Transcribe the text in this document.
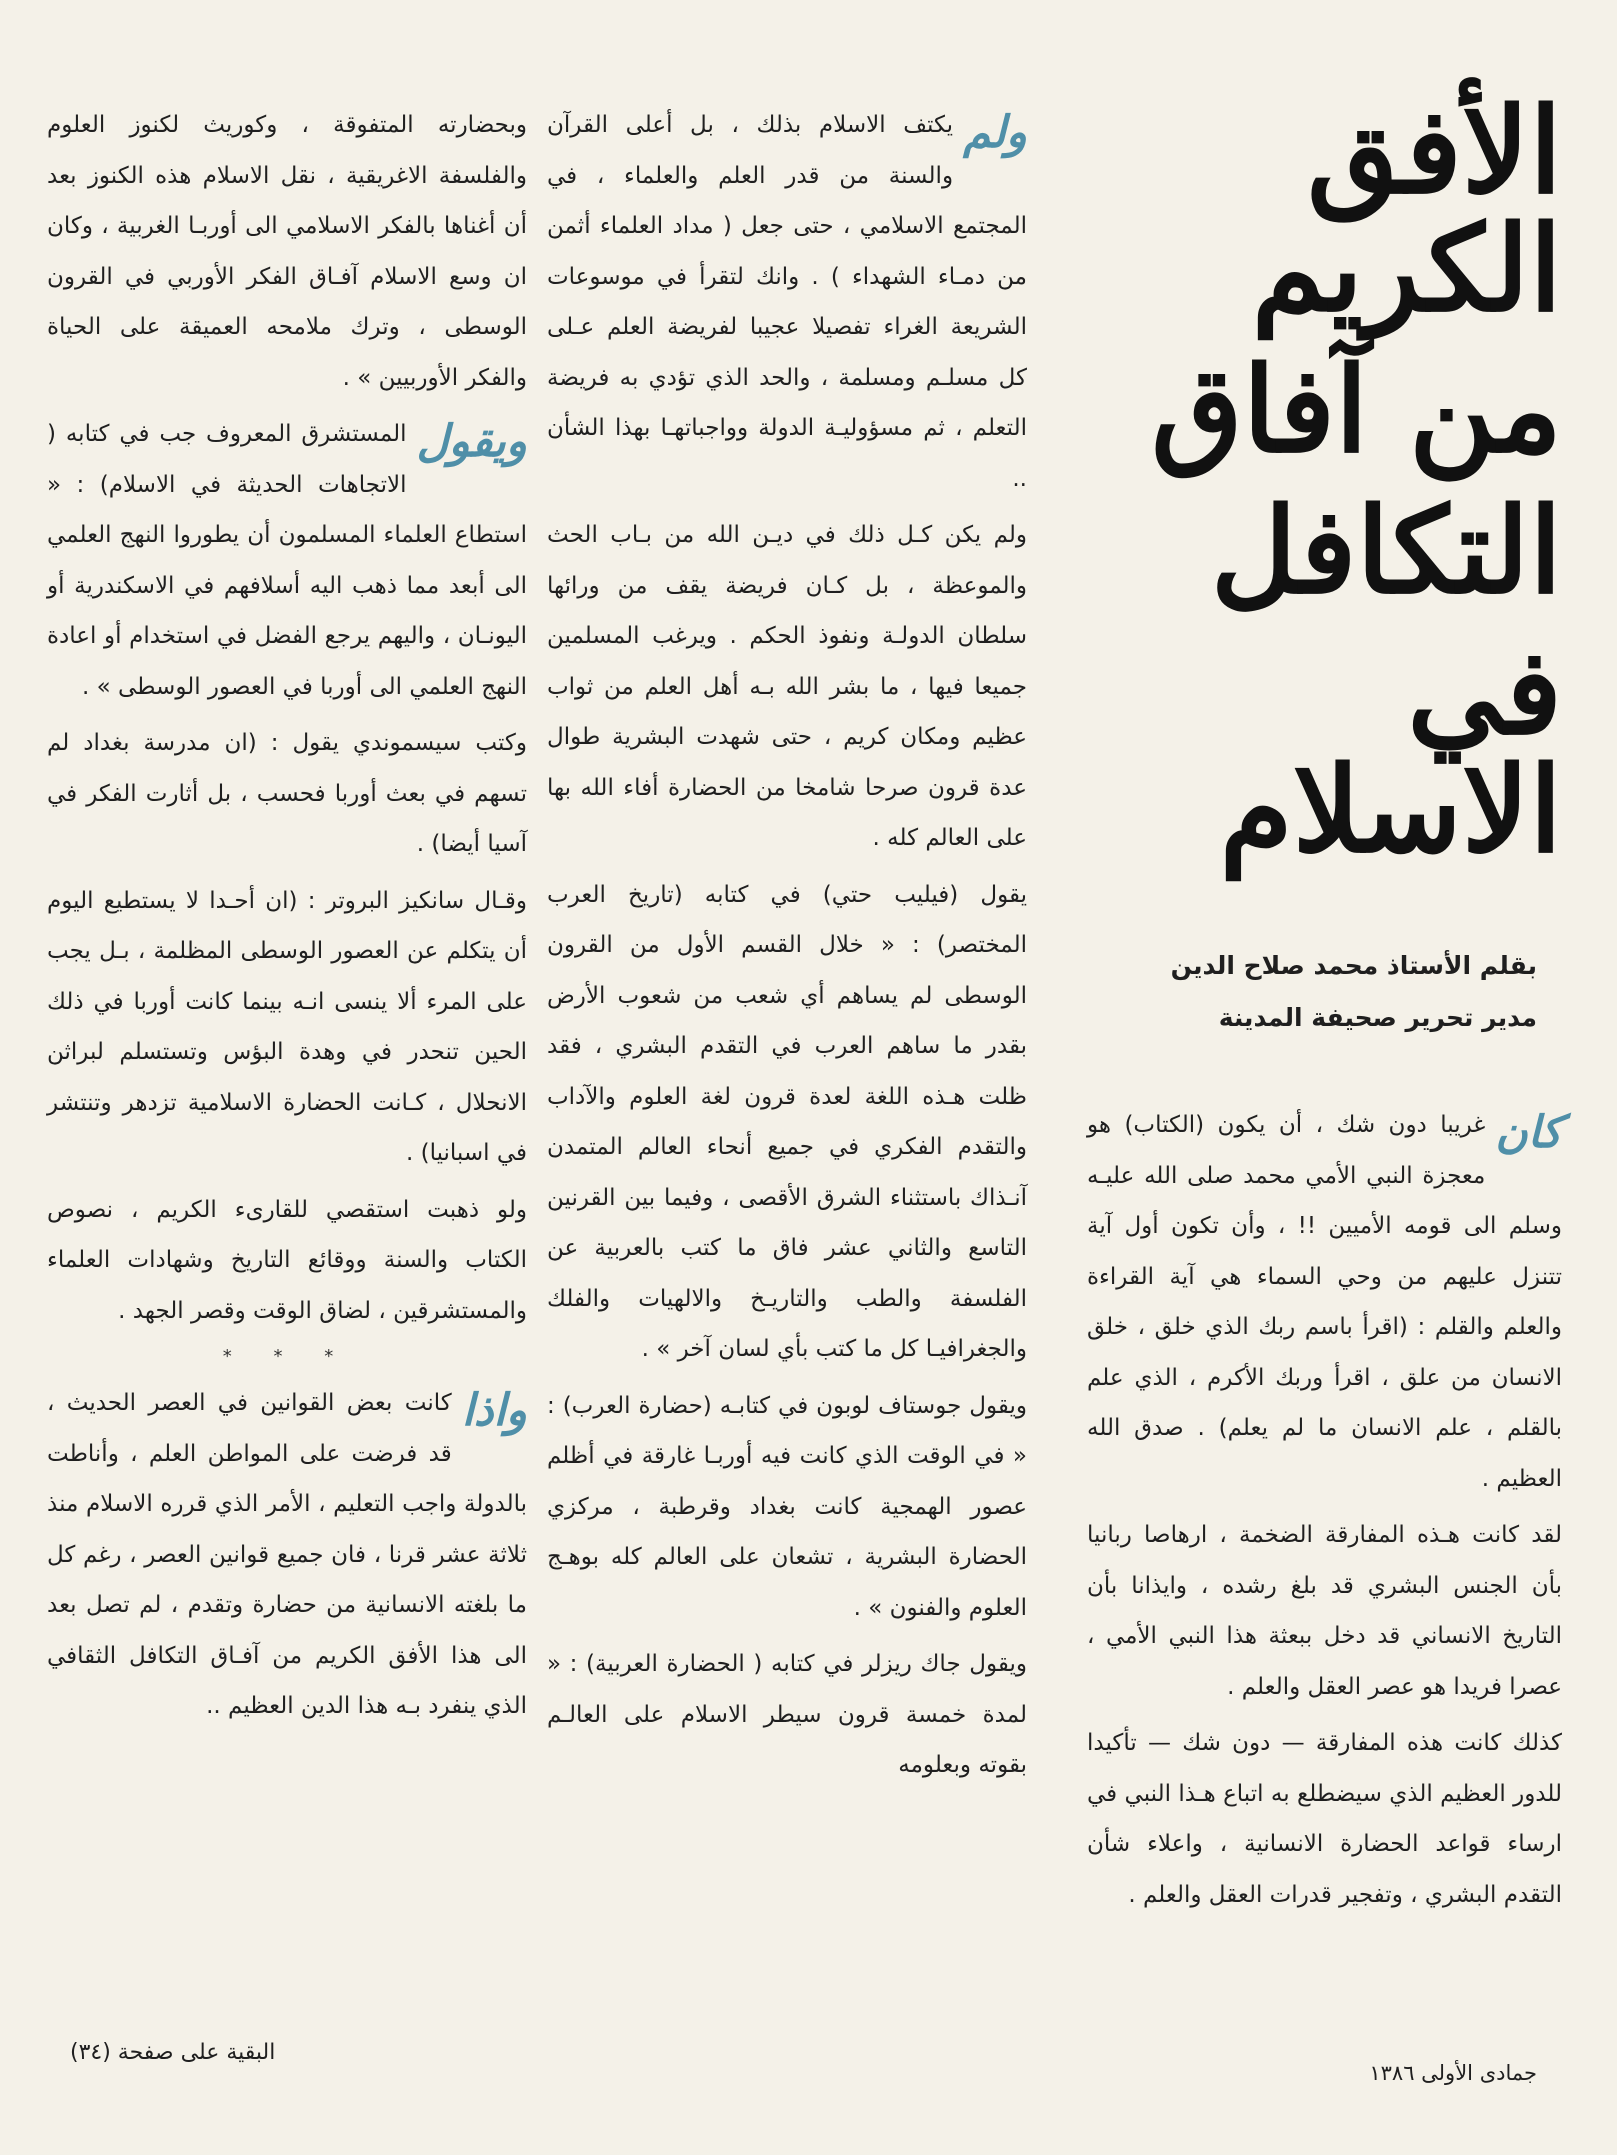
الأفق الكريم
من آفاق
التكافل
في الاسلام
بقلم الأستاذ محمد صلاح الدين
مدير تحرير صحيفة المدينة

كان
غريبا دون شك ، أن يكون (الكتاب) هو معجزة النبي الأمي محمد صلى الله عليـه وسلم الى قومه الأميين !! ، وأن تكون أول آية تتنزل عليهم من وحي السماء هي آية القراءة والعلم والقلم : (اقرأ باسم ربك الذي خلق ، خلق الانسان من علق ، اقرأ وربك الأكرم ، الذي علم بالقلم ، علم الانسان ما لم يعلم) . صدق الله العظيم .

لقد كانت هـذه المفارقة الضخمة ، ارهاصا ربانيا بأن الجنس البشري قد بلغ رشده ، وايذانا بأن التاريخ الانساني قد دخل ببعثة هذا النبي الأمي ، عصرا فريدا هو عصر العقل والعلم .

كذلك كانت هذه المفارقة — دون شك — تأكيدا للدور العظيم الذي سيضطلع به اتباع هـذا النبي في ارساء قواعد الحضارة الانسانية ، واعلاء شأن التقدم البشري ، وتفجير قدرات العقل والعلم .

ولم
يكتف الاسلام بذلك ، بل أعلى القرآن والسنة من قدر العلم والعلماء ، في المجتمع الاسلامي ، حتى جعل ( مداد العلماء أثمن من دمـاء الشهداء ) . وانك لتقرأ في موسوعات الشريعة الغراء تفصيلا عجيبا لفريضة العلم عـلى كل مسلـم ومسلمة ، والحد الذي تؤدي به فريضة التعلم ، ثم مسؤوليـة الدولة وواجباتهـا بهذا الشأن ..

ولم يكن كـل ذلك في ديـن الله من بـاب الحث والموعظة ، بل كـان فريضة يقف من ورائها سلطان الدولـة ونفوذ الحكم . ويرغب المسلمين جميعا فيها ، ما بشر الله بـه أهل العلم من ثواب عظيم ومكان كريم ، حتى شهدت البشرية طوال عدة قرون صرحا شامخا من الحضارة أفاء الله بها على العالم كله .

يقول (فيليب حتي) في كتابه (تاريخ العرب المختصر) : « خلال القسم الأول من القرون الوسطى لم يساهم أي شعب من شعوب الأرض بقدر ما ساهم العرب في التقدم البشري ، فقد ظلت هـذه اللغة لعدة قرون لغة العلوم والآداب والتقدم الفكري في جميع أنحاء العالم المتمدن آنـذاك باستثناء الشرق الأقصى ، وفيما بين القرنين التاسع والثاني عشر فاق ما كتب بالعربية عن الفلسفة والطب والتاريـخ والالهيات والفلك والجغرافيـا كل ما كتب بأي لسان آخر » .

ويقول جوستاف لوبون في كتابـه (حضارة العرب) : « في الوقت الذي كانت فيه أوربـا غارقة في أظلم عصور الهمجية كانت بغداد وقرطبة ، مركزي الحضارة البشرية ، تشعان على العالم كله بوهـج العلوم والفنون » .

ويقول جاك ريزلر في كتابه ( الحضارة العربية) : « لمدة خمسة قرون سيطر الاسلام على العالـم بقوته وبعلومه

وبحضارته المتفوقة ، وكوريث لكنوز العلوم والفلسفة الاغريقية ، نقل الاسلام هذه الكنوز بعد أن أغناها بالفكر الاسلامي الى أوربـا الغربية ، وكان ان وسع الاسلام آفـاق الفكر الأوربي في القرون الوسطى ، وترك ملامحه العميقة على الحياة والفكر الأوربيين » .

ويقول
المستشرق المعروف جب في كتابه ( الاتجاهات الحديثة في الاسلام) : « استطاع العلماء المسلمون أن يطوروا النهج العلمي الى أبعد مما ذهب اليه أسلافهم في الاسكندرية أو اليونـان ، واليهم يرجع الفضل في استخدام أو اعادة النهج العلمي الى أوربا في العصور الوسطى » .

وكتب سيسموندي يقول : (ان مدرسة بغداد لم تسهم في بعث أوربا فحسب ، بل أثارت الفكر في آسيا أيضا) .

وقـال سانكيز البروتر : (ان أحـدا لا يستطيع اليوم أن يتكلم عن العصور الوسطى المظلمة ، بـل يجب على المرء ألا ينسى انـه بينما كانت أوربا في ذلك الحين تنحدر في وهدة البؤس وتستسلم لبراثن الانحلال ، كـانت الحضارة الاسلامية تزدهر وتنتشر في اسبانيا) .

ولو ذهبت استقصي للقارىء الكريم ، نصوص الكتاب والسنة ووقائع التاريخ وشهادات العلماء والمستشرقين ، لضاق الوقت وقصر الجهد .

* * *

واذا
كانت بعض القوانين في العصر الحديث ، قد فرضت على المواطن العلم ، وأناطت بالدولة واجب التعليم ، الأمر الذي قرره الاسلام منذ ثلاثة عشر قرنا ، فان جميع قوانين العصر ، رغم كل ما بلغته الانسانية من حضارة وتقدم ، لم تصل بعد الى هذا الأفق الكريم من آفـاق التكافل الثقافي الذي ينفرد بـه هذا الدين العظيم ..

البقية على صفحة (٣٤)
جمادى الأولى ١٣٨٦
